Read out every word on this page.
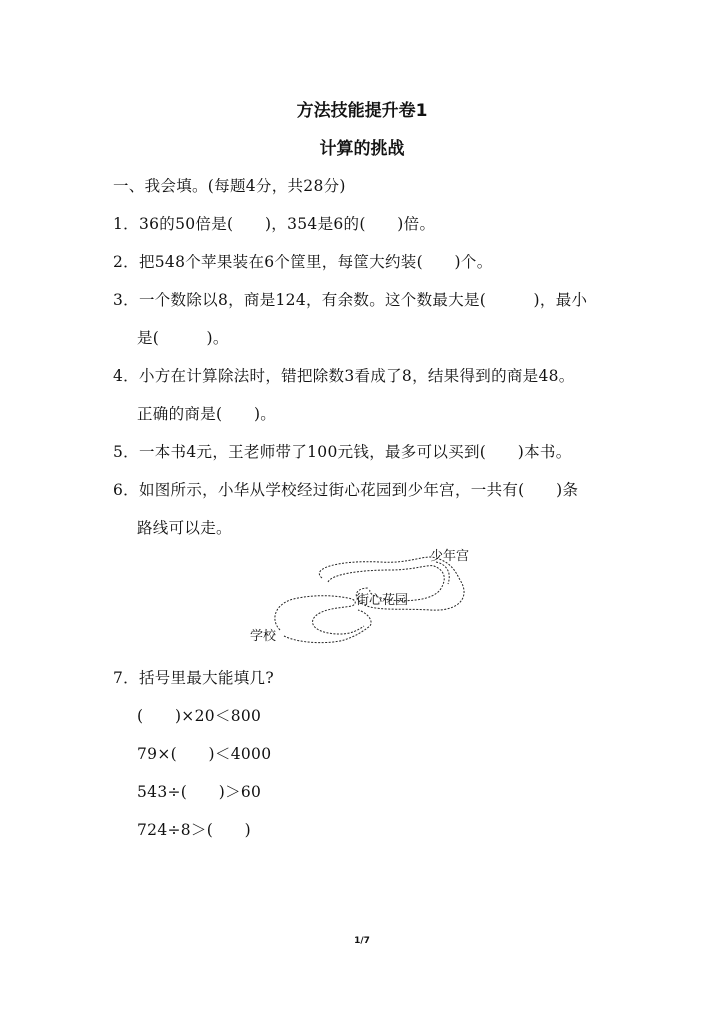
方法技能提升卷1
计算的挑战
一、我会填。(每题4分，共28分)
1．36的50倍是(　　)，354是6的(　　)倍。
2．把548个苹果装在6个筐里，每筐大约装(　　)个。
3．一个数除以8，商是124，有余数。这个数最大是(　　　)，最小
是(　　　)。
4．小方在计算除法时，错把除数3看成了8，结果得到的商是48。
正确的商是(　　)。
5．一本书4元，王老师带了100元钱，最多可以买到(　　)本书。
6．如图所示，小华从学校经过街心花园到少年宫，一共有(　　)条
路线可以走。
少年宫
街心花园
学校
7．括号里最大能填几?
(　　)×20＜800
79×(　　)＜4000
543÷(　　)＞60
724÷8＞(　　)
1/7
